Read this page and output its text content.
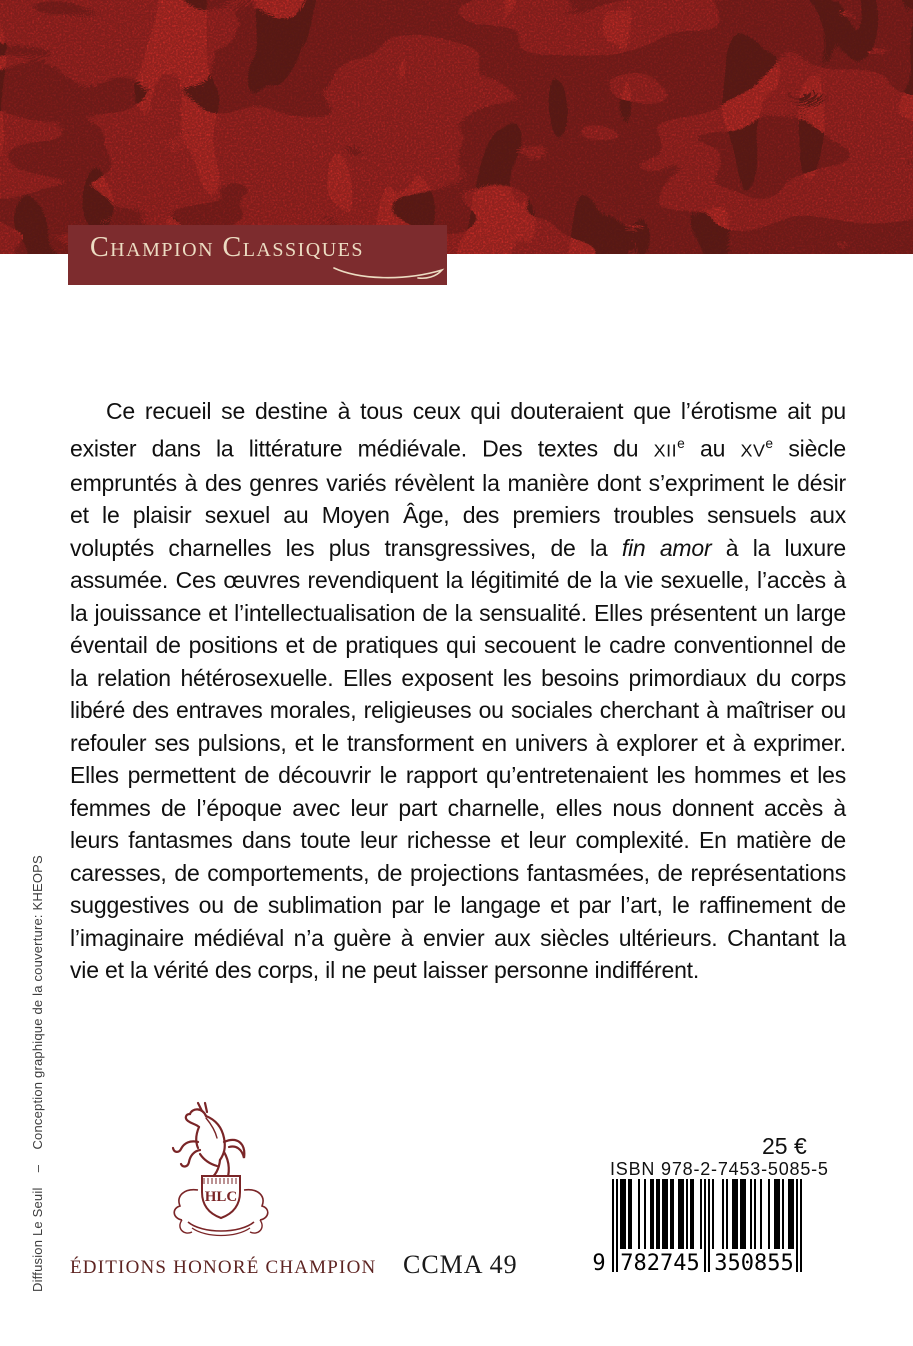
Champion Classiques

Ce recueil se destine à tous ceux qui douteraient que l’érotisme ait pu exister dans la littérature médiévale. Des textes du XIIe au XVe siècle empruntés à des genres variés révèlent la manière dont s’expriment le désir et le plaisir sexuel au Moyen Âge, des premiers troubles sensuels aux voluptés charnelles les plus transgressives, de la fin amor à la luxure assumée. Ces œuvres revendiquent la légitimité de la vie sexuelle, l’accès à la jouissance et l’intellectualisation de la sensualité. Elles présentent un large éventail de positions et de pratiques qui secouent le cadre conventionnel de la relation hétérosexuelle. Elles exposent les besoins primordiaux du corps libéré des entraves morales, religieuses ou sociales cherchant à maîtriser ou refouler ses pulsions, et le transforment en univers à explorer et à exprimer. Elles permettent de découvrir le rapport qu’entretenaient les hommes et les femmes de l’époque avec leur part charnelle, elles nous donnent accès à leurs fantasmes dans toute leur richesse et leur complexité. En matière de caresses, de comportements, de projections fantasmées, de représentations suggestives ou de sublimation par le langage et par l’art, le raffinement de l’imaginaire médiéval n’a guère à envier aux siècles ultérieurs. Chantant la vie et la vérité des corps, il ne peut laisser personne indifférent.

Diffusion Le Seuil    –    Conception graphique de la couverture: KHEOPS	HLC
ÉDITIONS HONORÉ CHAMPION CCMA 49
25 €
ISBN 978-2-7453-5085-5
9 782745 350855
